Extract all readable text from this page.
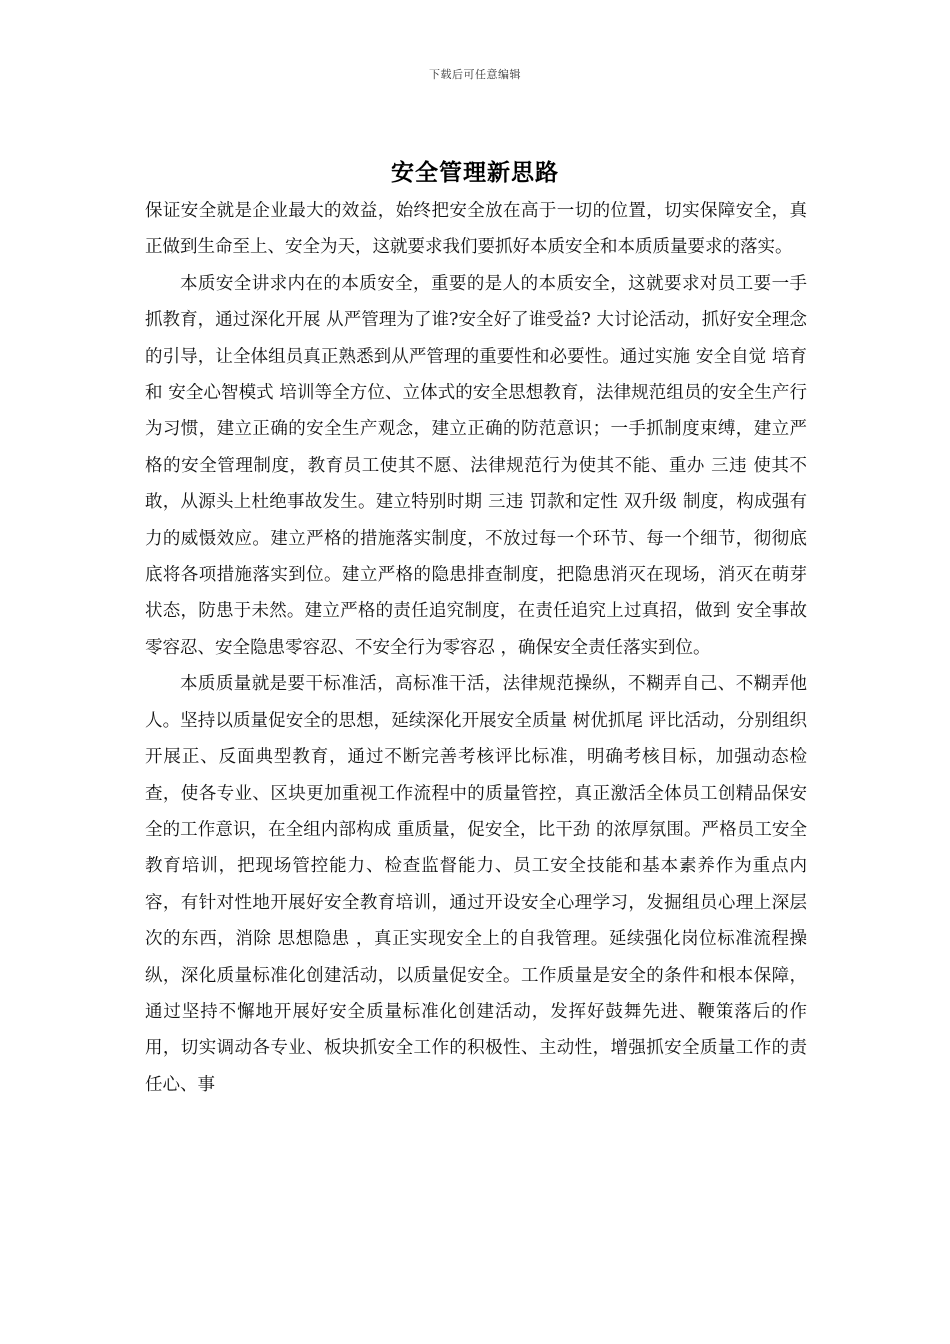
下载后可任意编辑
安全管理新思路

保证安全就是企业最大的效益，始终把安全放在高于一切的位置，切实保障安全，真正做到生命至上、安全为天，这就要求我们要抓好本质安全和本质质量要求的落实。

本质安全讲求内在的本质安全，重要的是人的本质安全，这就要求对员工要一手抓教育，通过深化开展 从严管理为了谁?安全好了谁受益? 大讨论活动，抓好安全理念的引导，让全体组员真正熟悉到从严管理的重要性和必要性。通过实施 安全自觉 培育和 安全心智模式 培训等全方位、立体式的安全思想教育，法律规范组员的安全生产行为习惯，建立正确的安全生产观念，建立正确的防范意识；一手抓制度束缚，建立严格的安全管理制度，教育员工使其不愿、法律规范行为使其不能、重办 三违 使其不敢，从源头上杜绝事故发生。建立特别时期 三违 罚款和定性 双升级 制度，构成强有力的威慑效应。建立严格的措施落实制度，不放过每一个环节、每一个细节，彻彻底底将各项措施落实到位。建立严格的隐患排查制度，把隐患消灭在现场，消灭在萌芽状态，防患于未然。建立严格的责任追究制度，在责任追究上过真招，做到 安全事故零容忍、安全隐患零容忍、不安全行为零容忍 ，确保安全责任落实到位。

本质质量就是要干标准活，高标准干活，法律规范操纵，不糊弄自己、不糊弄他人。坚持以质量促安全的思想，延续深化开展安全质量 树优抓尾 评比活动，分别组织开展正、反面典型教育，通过不断完善考核评比标准，明确考核目标，加强动态检查，使各专业、区块更加重视工作流程中的质量管控，真正激活全体员工创精品保安全的工作意识，在全组内部构成 重质量，促安全，比干劲 的浓厚氛围。严格员工安全教育培训，把现场管控能力、检查监督能力、员工安全技能和基本素养作为重点内容，有针对性地开展好安全教育培训，通过开设安全心理学习，发掘组员心理上深层次的东西，消除 思想隐患 ，真正实现安全上的自我管理。延续强化岗位标准流程操纵，深化质量标准化创建活动，以质量促安全。工作质量是安全的条件和根本保障，通过坚持不懈地开展好安全质量标准化创建活动，发挥好鼓舞先进、鞭策落后的作用，切实调动各专业、板块抓安全工作的积极性、主动性，增强抓安全质量工作的责任心、事
